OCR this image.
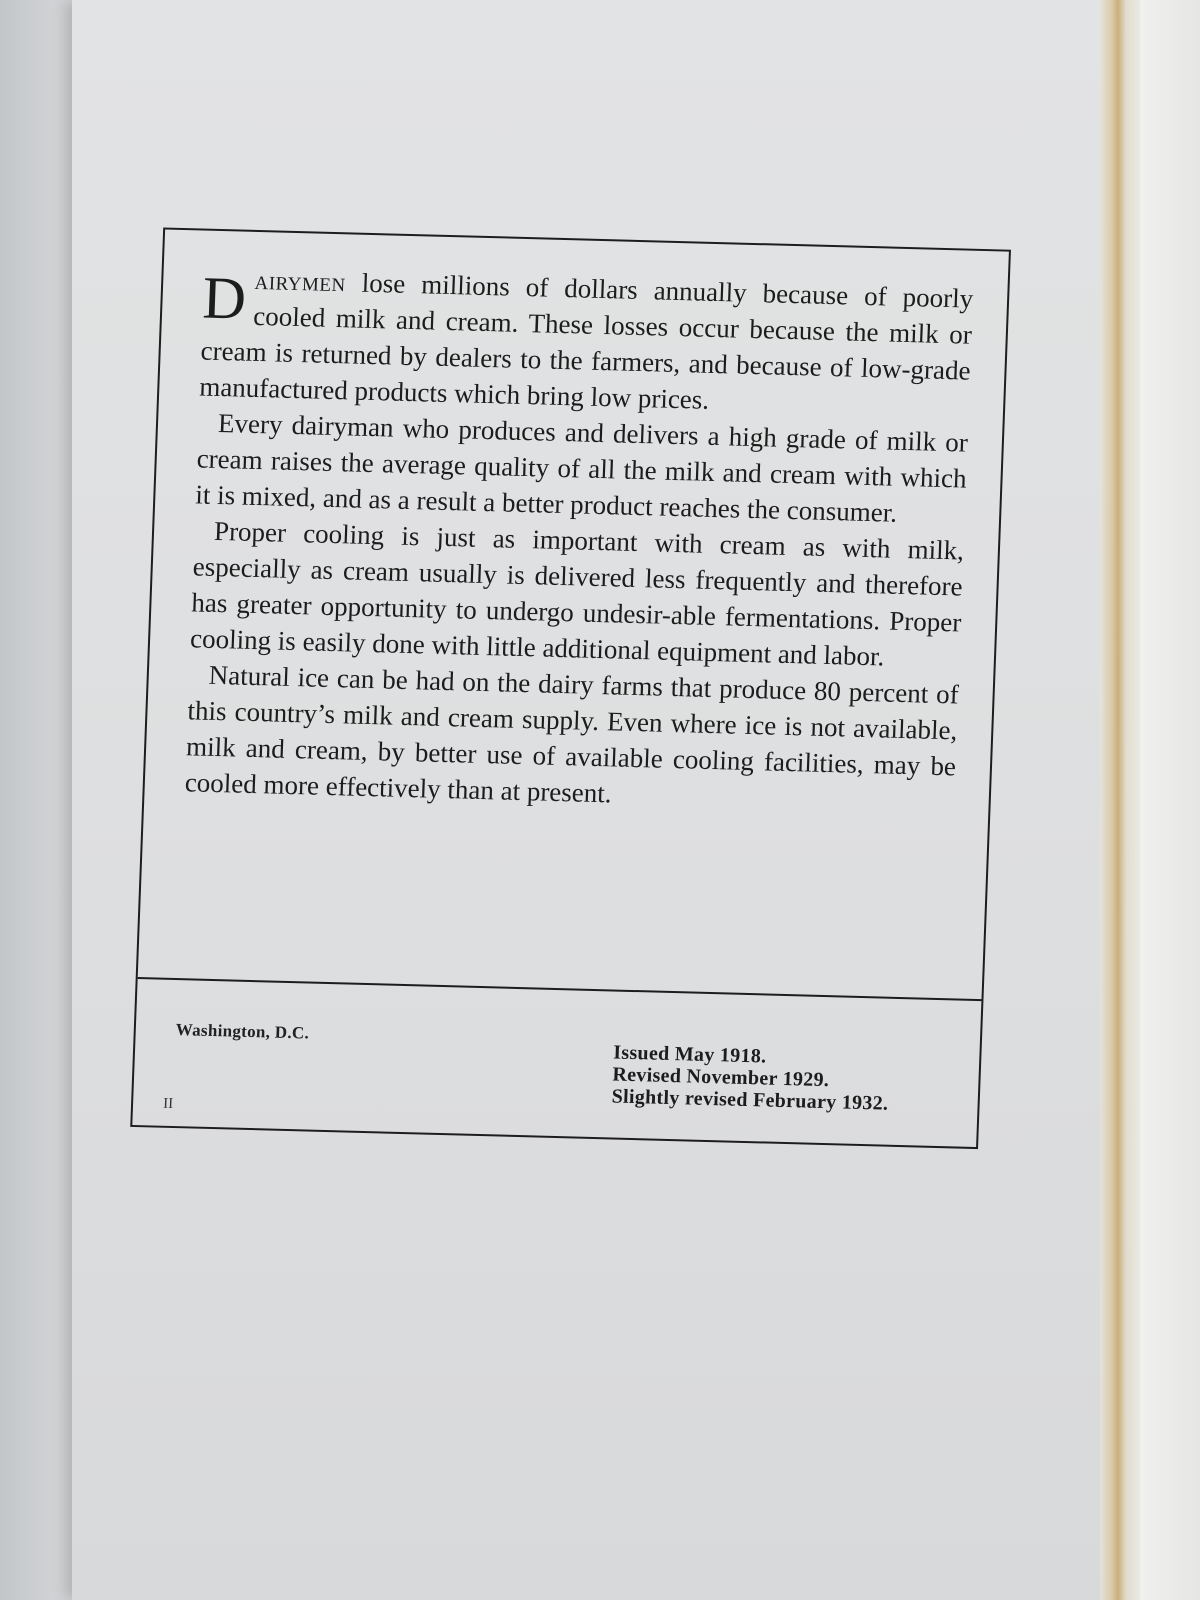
​

Dairymen lose millions of dollars annually because of poorly cooled milk and cream. These losses occur because the milk or cream is returned by dealers to the farmers, and because of low-grade manufactured products which bring low prices.

Every dairyman who produces and delivers a high grade of milk or cream raises the average quality of all the milk and cream with which it is mixed, and as a result a better product reaches the consumer.

Proper cooling is just as important with cream as with milk, especially as cream usually is delivered less frequently and therefore has greater opportunity to undergo undesir-able fermentations. Proper cooling is easily done with little additional equipment and labor.

Natural ice can be had on the dairy farms that produce 80 percent of this country’s milk and cream supply. Even where ice is not available, milk and cream, by better use of available cooling facilities, may be cooled more effectively than at present.

Washington, D.C.
II
Issued May 1918.
Revised November 1929.
Slightly revised February 1932.
